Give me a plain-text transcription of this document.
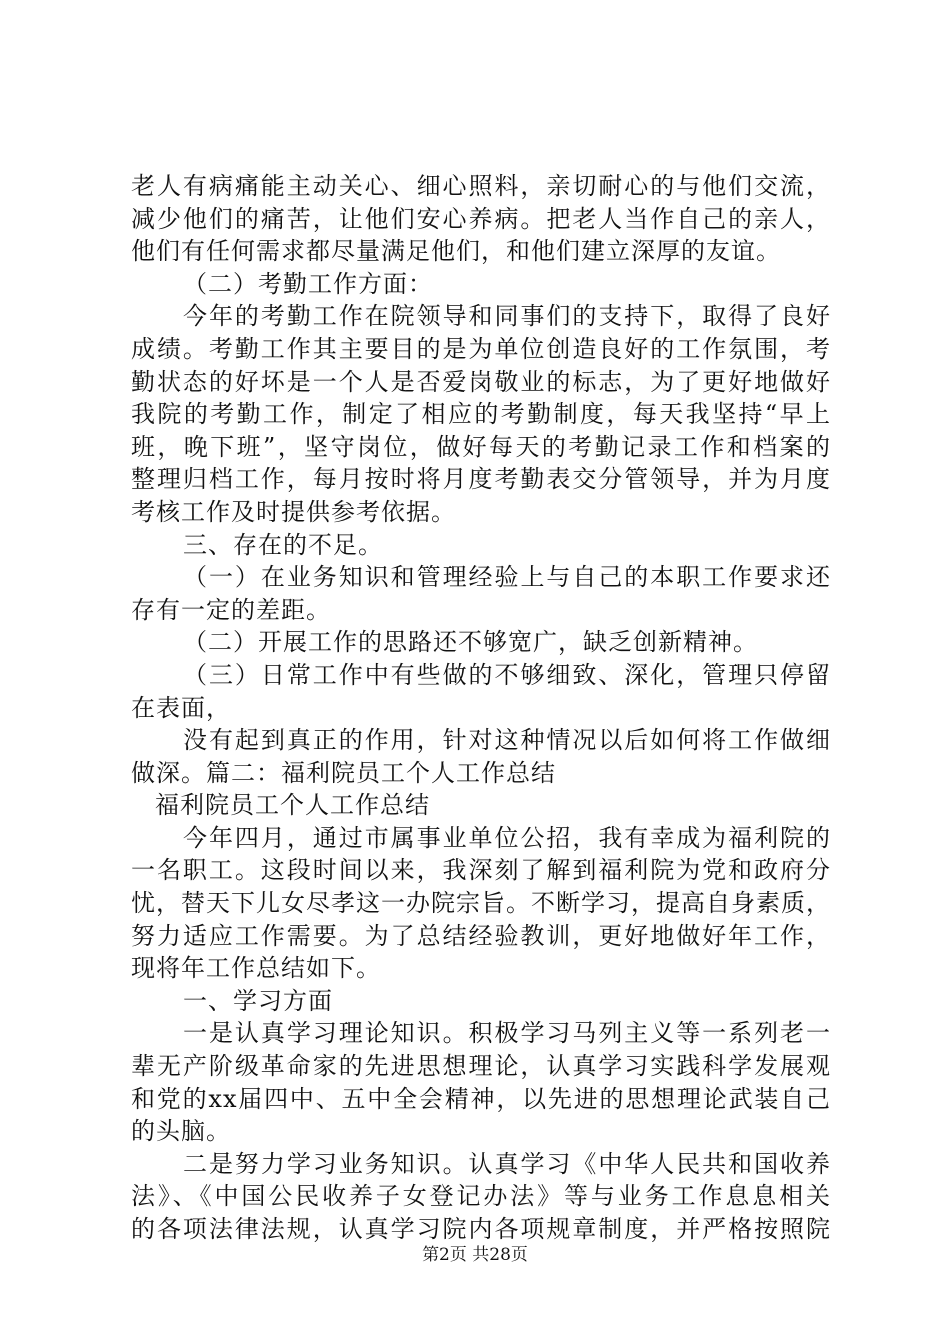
老人有病痛能主动关心、细心照料，亲切耐心的与他们交流，
减少他们的痛苦，让他们安心养病。把老人当作自己的亲人，
他们有任何需求都尽量满足他们，和他们建立深厚的友谊。
（二）考勤工作方面：
今年的考勤工作在院领导和同事们的支持下，取得了良好
成绩。考勤工作其主要目的是为单位创造良好的工作氛围，考
勤状态的好坏是一个人是否爱岗敬业的标志，为了更好地做好
我院的考勤工作，制定了相应的考勤制度，每天我坚持“早上
班，晚下班”，坚守岗位，做好每天的考勤记录工作和档案的
整理归档工作，每月按时将月度考勤表交分管领导，并为月度
考核工作及时提供参考依据。
三、存在的不足。
（一）在业务知识和管理经验上与自己的本职工作要求还
存有一定的差距。
（二）开展工作的思路还不够宽广，缺乏创新精神。
（三）日常工作中有些做的不够细致、深化，管理只停留
在表面，
没有起到真正的作用，针对这种情况以后如何将工作做细
做深。篇二：福利院员工个人工作总结
福利院员工个人工作总结
今年四月，通过市属事业单位公招，我有幸成为福利院的
一名职工。这段时间以来，我深刻了解到福利院为党和政府分
忧，替天下儿女尽孝这一办院宗旨。不断学习，提高自身素质，
努力适应工作需要。为了总结经验教训，更好地做好年工作，
现将年工作总结如下。
一、学习方面
一是认真学习理论知识。积极学习马列主义等一系列老一
辈无产阶级革命家的先进思想理论，认真学习实践科学发展观
和党的xx届四中、五中全会精神，以先进的思想理论武装自己
的头脑。
二是努力学习业务知识。认真学习《中华人民共和国收养
法》、《中国公民收养子女登记办法》等与业务工作息息相关
的各项法律法规，认真学习院内各项规章制度，并严格按照院
第2页 共28页
